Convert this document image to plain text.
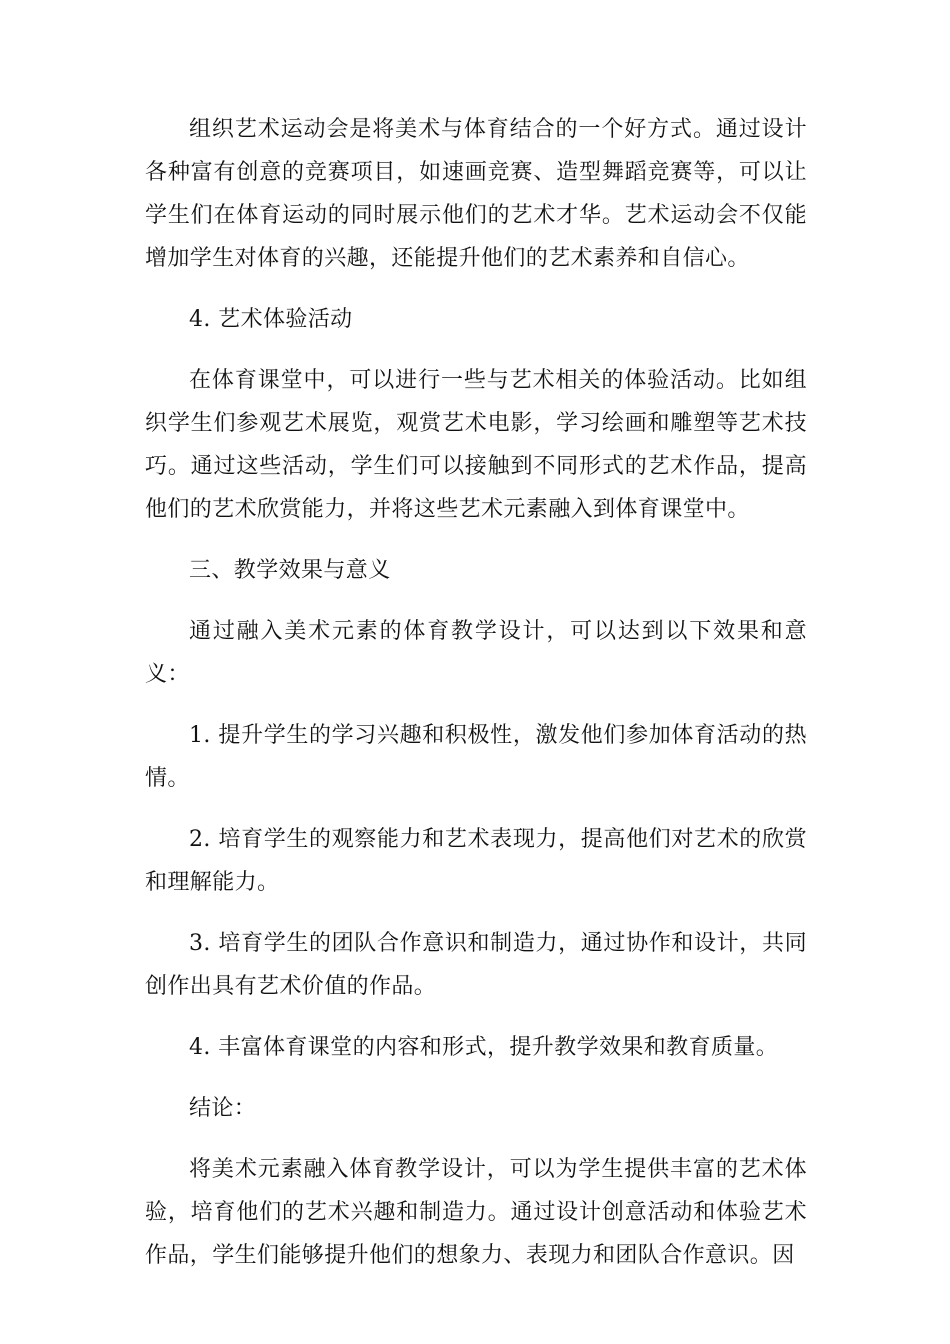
组织艺术运动会是将美术与体育结合的一个好方式。通过设计各种富有创意的竞赛项目，如速画竞赛、造型舞蹈竞赛等，可以让学生们在体育运动的同时展示他们的艺术才华。艺术运动会不仅能增加学生对体育的兴趣，还能提升他们的艺术素养和自信心。

4. 艺术体验活动

在体育课堂中，可以进行一些与艺术相关的体验活动。比如组织学生们参观艺术展览，观赏艺术电影，学习绘画和雕塑等艺术技巧。通过这些活动，学生们可以接触到不同形式的艺术作品，提高他们的艺术欣赏能力，并将这些艺术元素融入到体育课堂中。

三、教学效果与意义

通过融入美术元素的体育教学设计，可以达到以下效果和意义：

1. 提升学生的学习兴趣和积极性，激发他们参加体育活动的热情。

2. 培育学生的观察能力和艺术表现力，提高他们对艺术的欣赏和理解能力。

3. 培育学生的团队合作意识和制造力，通过协作和设计，共同创作出具有艺术价值的作品。

4. 丰富体育课堂的内容和形式，提升教学效果和教育质量。

结论：

将美术元素融入体育教学设计，可以为学生提供丰富的艺术体验，培育他们的艺术兴趣和制造力。通过设计创意活动和体验艺术作品，学生们能够提升他们的想象力、表现力和团队合作意识。因
